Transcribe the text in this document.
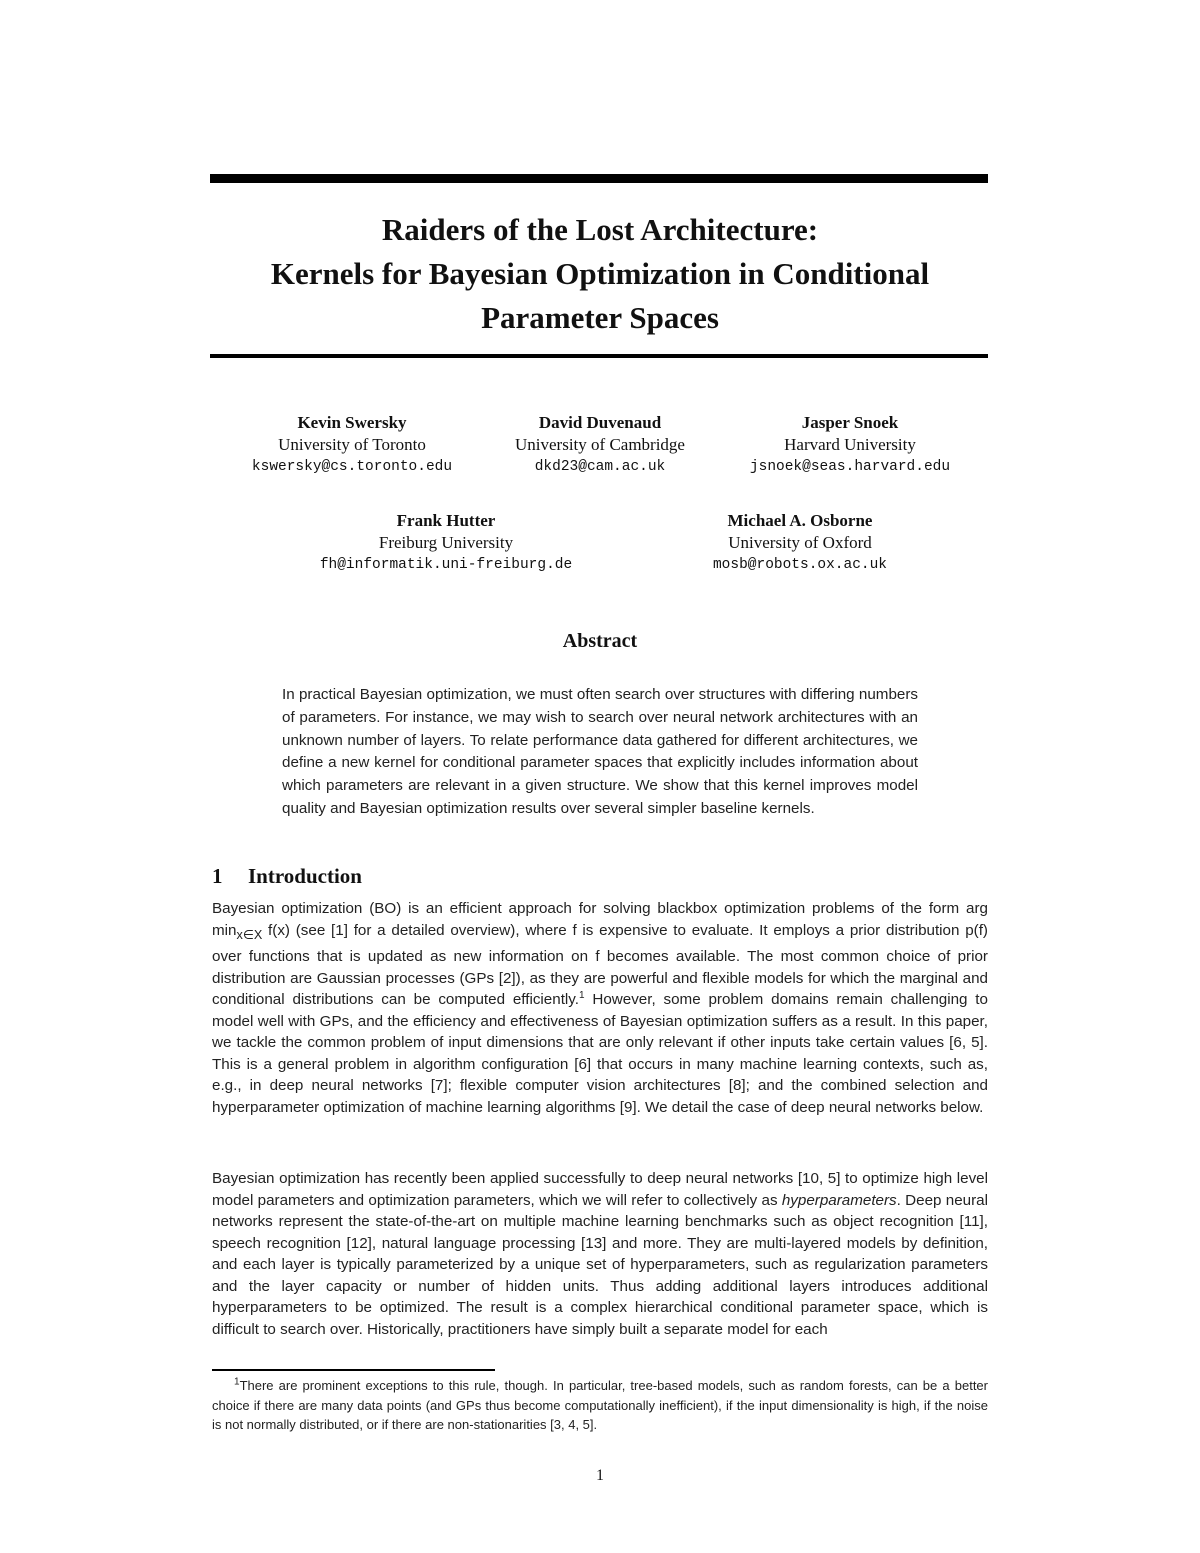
Raiders of the Lost Architecture:
Kernels for Bayesian Optimization in Conditional
Parameter Spaces
Kevin Swersky
University of Toronto
kswersky@cs.toronto.edu
David Duvenaud
University of Cambridge
dkd23@cam.ac.uk
Jasper Snoek
Harvard University
jsnoek@seas.harvard.edu
Frank Hutter
Freiburg University
fh@informatik.uni-freiburg.de
Michael A. Osborne
University of Oxford
mosb@robots.ox.ac.uk
Abstract
In practical Bayesian optimization, we must often search over structures with differing numbers of parameters. For instance, we may wish to search over neural network architectures with an unknown number of layers. To relate performance data gathered for different architectures, we define a new kernel for conditional parameter spaces that explicitly includes information about which parameters are relevant in a given structure. We show that this kernel improves model quality and Bayesian optimization results over several simpler baseline kernels.
1 Introduction
Bayesian optimization (BO) is an efficient approach for solving blackbox optimization problems of the form arg $\min_{x\in X} f(x)$ (see [1] for a detailed overview), where f is expensive to evaluate. It employs a prior distribution p(f) over functions that is updated as new information on f becomes available. The most common choice of prior distribution are Gaussian processes (GPs [2]), as they are powerful and flexible models for which the marginal and conditional distributions can be computed efficiently.$^1$ However, some problem domains remain challenging to model well with GPs, and the efficiency and effectiveness of Bayesian optimization suffers as a result. In this paper, we tackle the common problem of input dimensions that are only relevant if other inputs take certain values [6, 5]. This is a general problem in algorithm configuration [6] that occurs in many machine learning contexts, such as, e.g., in deep neural networks [7]; flexible computer vision architectures [8]; and the combined selection and hyperparameter optimization of machine learning algorithms [9]. We detail the case of deep neural networks below.
Bayesian optimization has recently been applied successfully to deep neural networks [10, 5] to optimize high level model parameters and optimization parameters, which we will refer to collectively as hyperparameters. Deep neural networks represent the state-of-the-art on multiple machine learning benchmarks such as object recognition [11], speech recognition [12], natural language processing [13] and more. They are multi-layered models by definition, and each layer is typically parameterized by a unique set of hyperparameters, such as regularization parameters and the layer capacity or number of hidden units. Thus adding additional layers introduces additional hyperparameters to be optimized. The result is a complex hierarchical conditional parameter space, which is difficult to search over. Historically, practitioners have simply built a separate model for each
$^1$There are prominent exceptions to this rule, though. In particular, tree-based models, such as random forests, can be a better choice if there are many data points (and GPs thus become computationally inefficient), if the input dimensionality is high, if the noise is not normally distributed, or if there are non-stationarities [3, 4, 5].
1
